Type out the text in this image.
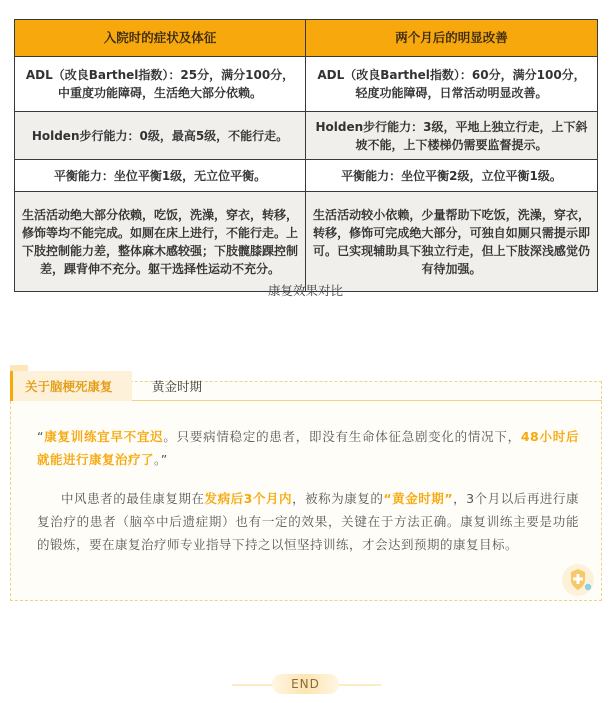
入院时的症状及体征	两个月后的明显改善
ADL（改良Barthel指数）：25分，满分100分，中重度功能障碍，生活绝大部分依赖。	ADL（改良Barthel指数）：60分，满分100分，轻度功能障碍，日常活动明显改善。
Holden步行能力：0级，最高5级，不能行走。	Holden步行能力：3级，平地上独立行走，上下斜坡不能，上下楼梯仍需要监督提示。
平衡能力：坐位平衡1级，无立位平衡。	平衡能力：坐位平衡2级，立位平衡1级。
生活活动绝大部分依赖，吃饭，洗澡，穿衣，转移，修饰等均不能完成。如厕在床上进行，不能行走。上下肢控制能力差，整体麻木感较强；下肢髋膝踝控制差，踝背伸不充分。躯干选择性运动不充分。	生活活动较小依赖，少量帮助下吃饭，洗澡，穿衣，转移，修饰可完成绝大部分，可独自如厕只需提示即可。已实现辅助具下独立行走，但上下肢深浅感觉仍有待加强。
康复效果对比
关于脑梗死康复	黄金时期

“康复训练宜早不宜迟。只要病情稳定的患者，即没有生命体征急剧变化的情况下，48小时后就能进行康复治疗了。”

中风患者的最佳康复期在发病后3个月内，被称为康复的“黄金时期”，3个月以后再进行康复治疗的患者（脑卒中后遗症期）也有一定的效果，关键在于方法正确。康复训练主要是功能的锻炼，要在康复治疗师专业指导下持之以恒坚持训练，才会达到预期的康复目标。

END
